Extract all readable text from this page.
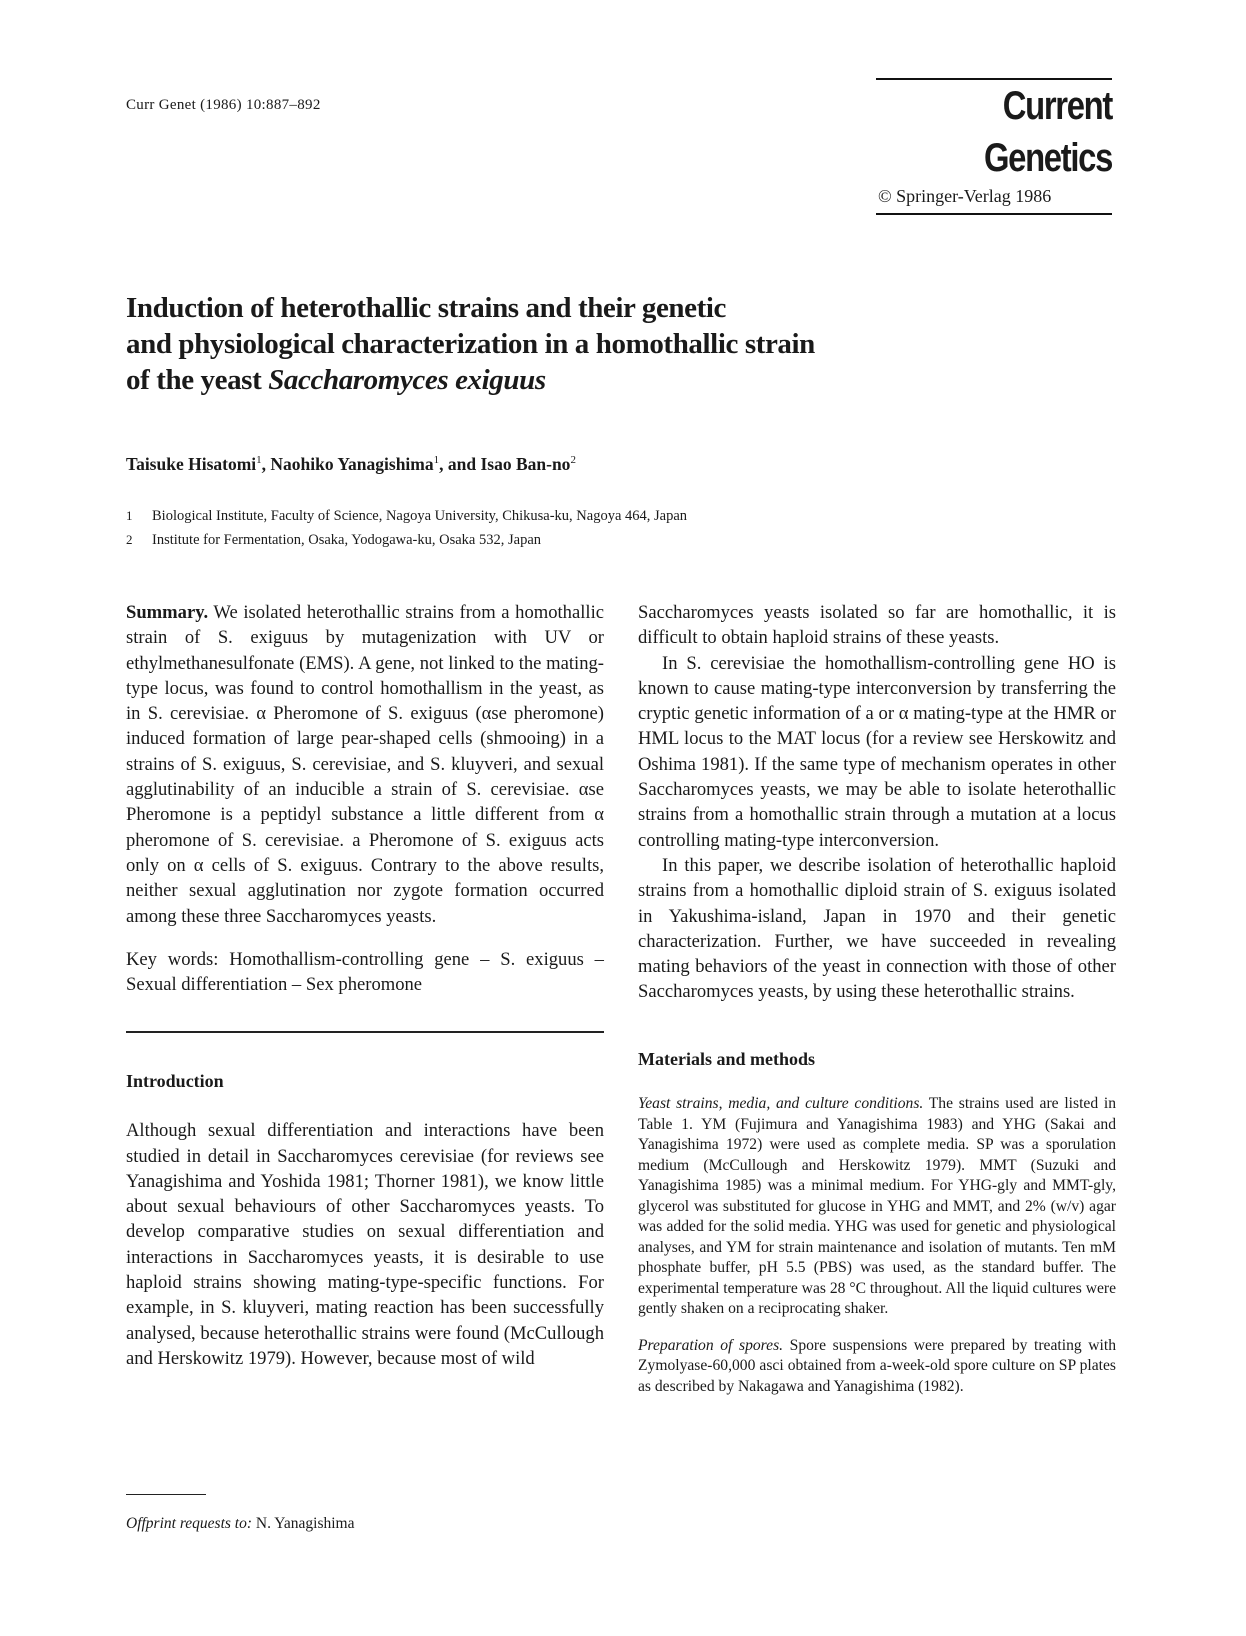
Curr Genet (1986) 10:887–892	Current Genetics
© Springer-Verlag 1986
Induction of heterothallic strains and their genetic
and physiological characterization in a homothallic strain
of the yeast Saccharomyces exiguus
Taisuke Hisatomi$^1$, Naohiko Yanagishima$^1$, and Isao Ban-$no^2$
1	Biological Institute, Faculty of Science, Nagoya University, Chikusa-ku, Nagoya 464, Japan
2	Institute for Fermentation, Osaka, Yodogawa-ku, Osaka 532, Japan

Summary. We isolated heterothallic strains from a homothallic strain of S. exiguus by mutagenization with UV or ethylmethanesulfonate (EMS). A gene, not linked to the mating-type locus, was found to control homothallism in the yeast, as in S. cerevisiae. α Pheromone of S. exiguus (αse pheromone) induced formation of large pear-shaped cells (shmooing) in a strains of S. exiguus, S. cerevisiae, and S. kluyveri, and sexual agglutinability of an inducible a strain of S. cerevisiae. αse Pheromone is a peptidyl substance a little different from α pheromone of S. cerevisiae. a Pheromone of S. exiguus acts only on α cells of S. exiguus. Contrary to the above results, neither sexual agglutination nor zygote formation occurred among these three Saccharomyces yeasts.

Key words: Homothallism-controlling gene – S. exiguus – Sexual differentiation – Sex pheromone

Introduction

Although sexual differentiation and interactions have been studied in detail in Saccharomyces cerevisiae (for reviews see Yanagishima and Yoshida 1981; Thorner 1981), we know little about sexual behaviours of other Saccharomyces yeasts. To develop comparative studies on sexual differentiation and interactions in Saccharomyces yeasts, it is desirable to use haploid strains showing mating-type-specific functions. For example, in S. kluyveri, mating reaction has been successfully analysed, because heterothallic strains were found (McCullough and Herskowitz 1979). However, because most of wild

Saccharomyces yeasts isolated so far are homothallic, it is difficult to obtain haploid strains of these yeasts.

In S. cerevisiae the homothallism-controlling gene HO is known to cause mating-type interconversion by transferring the cryptic genetic information of a or α mating-type at the HMR or HML locus to the MAT locus (for a review see Herskowitz and Oshima 1981). If the same type of mechanism operates in other Saccharomyces yeasts, we may be able to isolate heterothallic strains from a homothallic strain through a mutation at a locus controlling mating-type interconversion.

In this paper, we describe isolation of heterothallic haploid strains from a homothallic diploid strain of S. exiguus isolated in Yakushima-island, Japan in 1970 and their genetic characterization. Further, we have succeeded in revealing mating behaviors of the yeast in connection with those of other Saccharomyces yeasts, by using these heterothallic strains.

Materials and methods

Yeast strains, media, and culture conditions. The strains used are listed in Table 1. YM (Fujimura and Yanagishima 1983) and YHG (Sakai and Yanagishima 1972) were used as complete media. SP was a sporulation medium (McCullough and Herskowitz 1979). MMT (Suzuki and Yanagishima 1985) was a minimal medium. For YHG-gly and MMT-gly, glycerol was substituted for glucose in YHG and MMT, and 2% (w/v) agar was added for the solid media. YHG was used for genetic and physiological analyses, and YM for strain maintenance and isolation of mutants. Ten mM phosphate buffer, pH 5.5 (PBS) was used, as the standard buffer. The experimental temperature was 28 °C throughout. All the liquid cultures were gently shaken on a reciprocating shaker.

Preparation of spores. Spore suspensions were prepared by treating with Zymolyase-60,000 asci obtained from a-week-old spore culture on SP plates as described by Nakagawa and Yanagishima (1982).

Offprint requests to: N. Yanagishima
